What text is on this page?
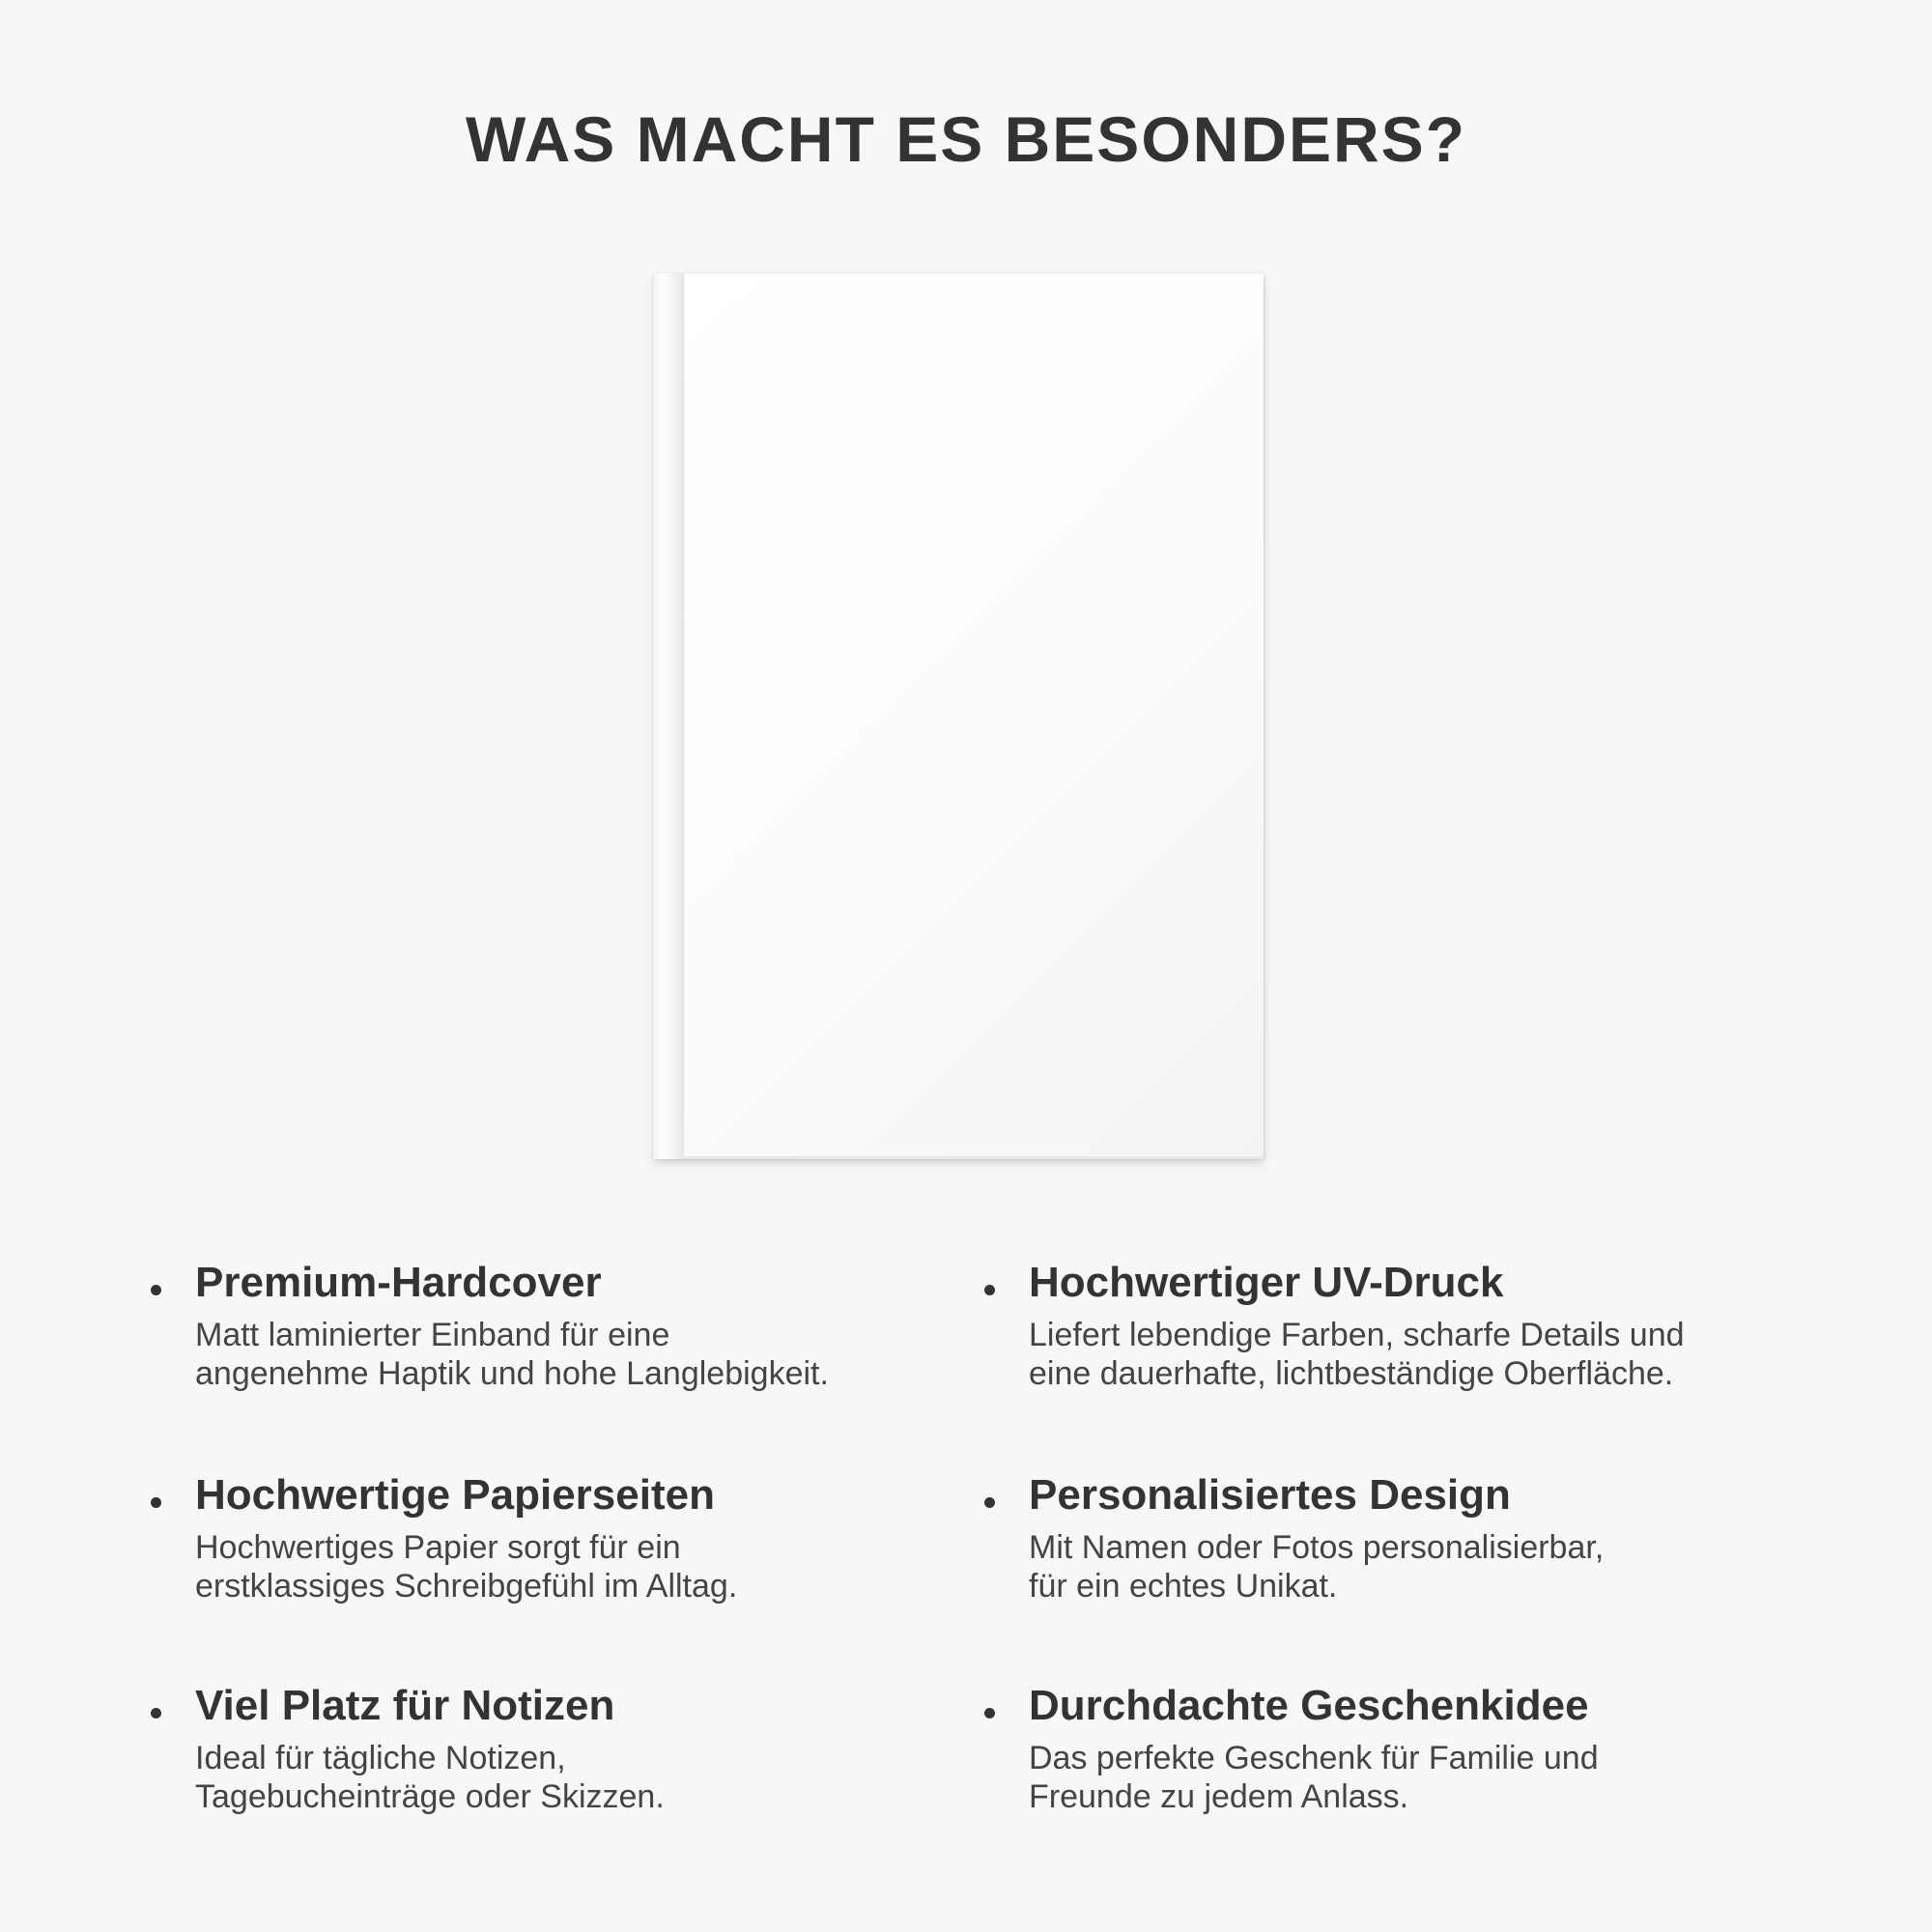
WAS MACHT ES BESONDERS?
Premium-Hardcover
Matt laminierter Einband für eine
angenehme Haptik und hohe Langlebigkeit.
Hochwertiger UV-Druck
Liefert lebendige Farben, scharfe Details und
eine dauerhafte, lichtbeständige Oberfläche.
Hochwertige Papierseiten
Hochwertiges Papier sorgt für ein
erstklassiges Schreibgefühl im Alltag.
Personalisiertes Design
Mit Namen oder Fotos personalisierbar,
für ein echtes Unikat.
Viel Platz für Notizen
Ideal für tägliche Notizen,
Tagebucheinträge oder Skizzen.
Durchdachte Geschenkidee
Das perfekte Geschenk für Familie und
Freunde zu jedem Anlass.
